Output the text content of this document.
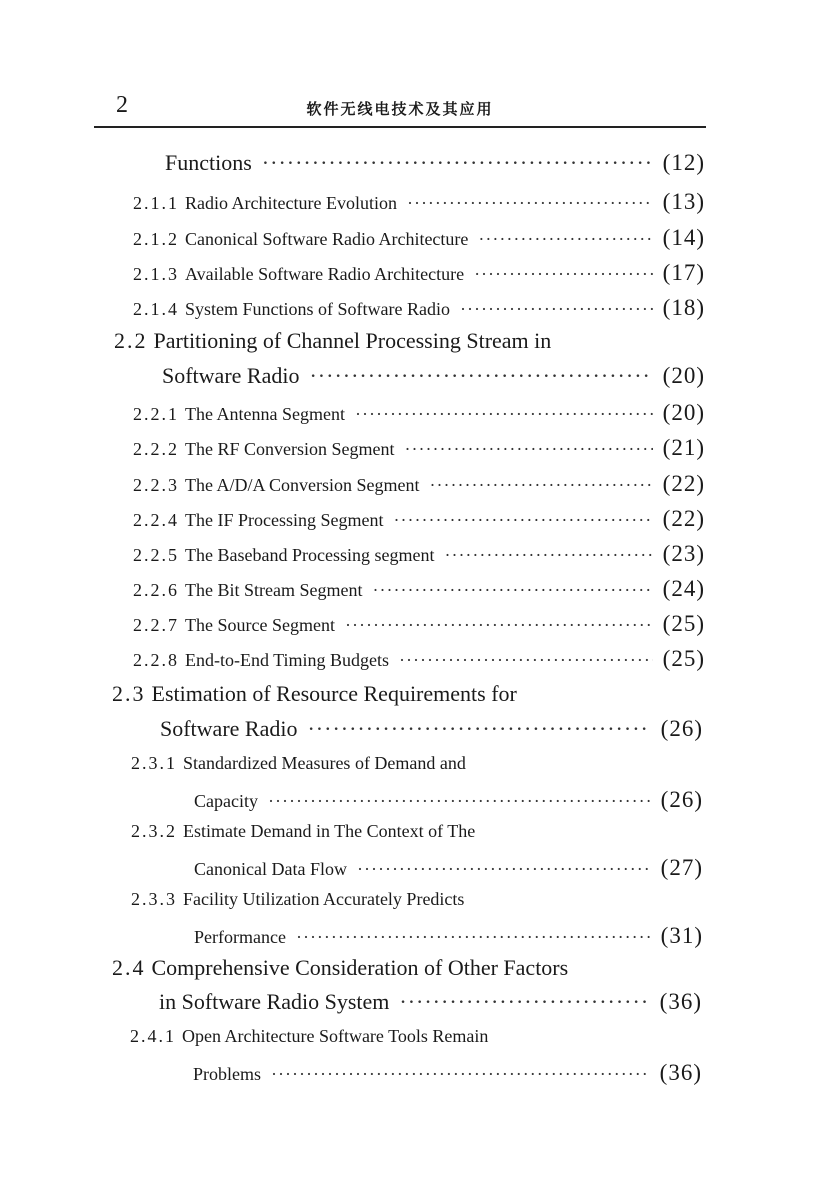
2	软件无线电技术及其应用
Functions ·····	(12)
2.1.1 Radio Architecture Evolution ·····	(13)
2.1.2 Canonical Software Radio Architecture ·····	(14)
2.1.3 Available Software Radio Architecture ·····	(17)
2.1.4 System Functions of Software Radio ·····	(18)
2.2 Partitioning of Channel Processing Stream in
Software Radio ·····	(20)
2.2.1 The Antenna Segment ·····	(20)
2.2.2 The RF Conversion Segment ·····	(21)
2.2.3 The A/D/A Conversion Segment ·····	(22)
2.2.4 The IF Processing Segment ·····	(22)
2.2.5 The Baseband Processing segment ·····	(23)
2.2.6 The Bit Stream Segment ·····	(24)
2.2.7 The Source Segment ·····	(25)
2.2.8 End-to-End Timing Budgets ·····	(25)
2.3 Estimation of Resource Requirements for
Software Radio ·····	(26)
2.3.1 Standardized Measures of Demand and
Capacity ·····	(26)
2.3.2 Estimate Demand in The Context of The
Canonical Data Flow ·····	(27)
2.3.3 Facility Utilization Accurately Predicts
Performance ·····	(31)
2.4 Comprehensive Consideration of Other Factors
in Software Radio System ·····	(36)
2.4.1 Open Architecture Software Tools Remain
Problems ·····	(36)
